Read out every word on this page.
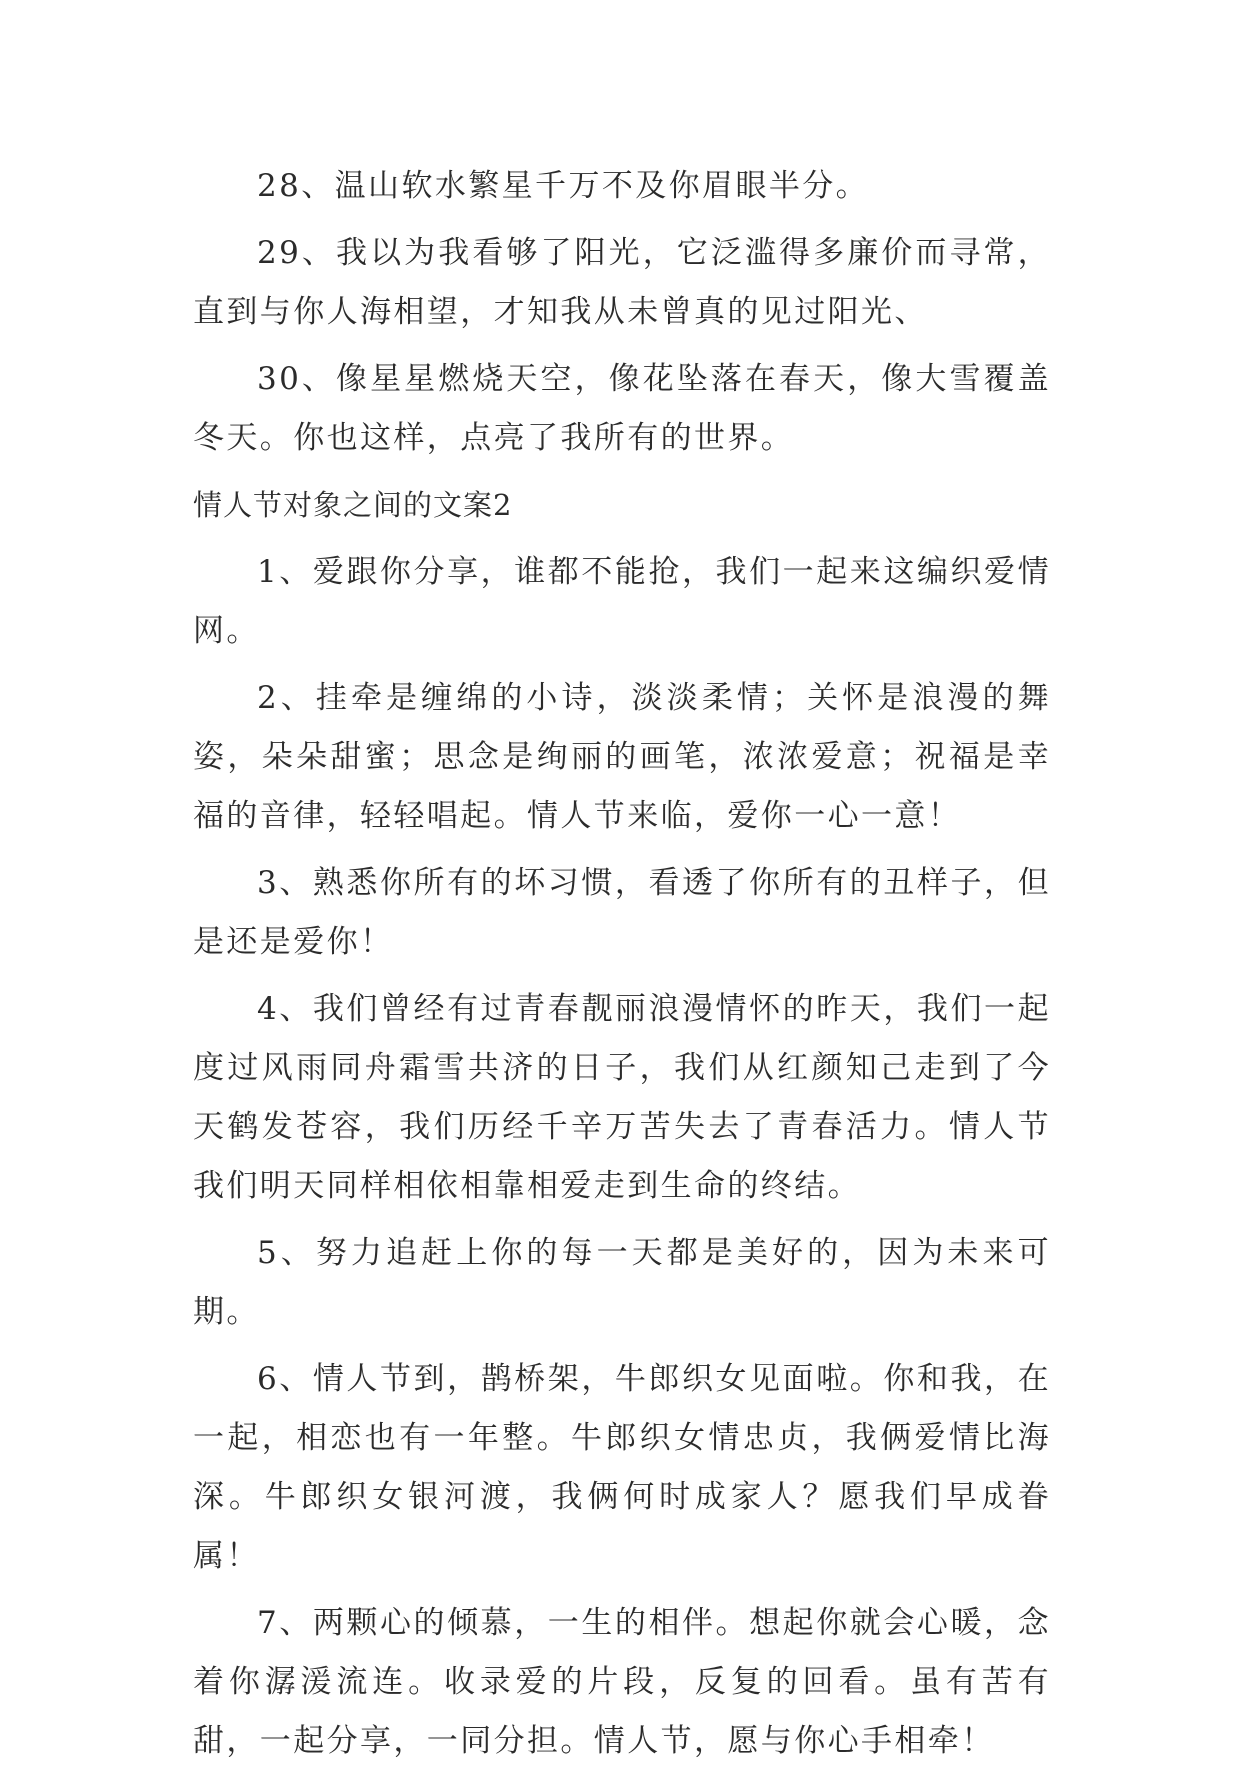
28、温山软水繁星千万不及你眉眼半分。

29、我以为我看够了阳光，它泛滥得多廉价而寻常，直到与你人海相望，才知我从未曾真的见过阳光、

30、像星星燃烧天空，像花坠落在春天，像大雪覆盖冬天。你也这样，点亮了我所有的世界。

情人节对象之间的文案2

1、爱跟你分享，谁都不能抢，我们一起来这编织爱情网。

2、挂牵是缠绵的小诗，淡淡柔情；关怀是浪漫的舞姿，朵朵甜蜜；思念是绚丽的画笔，浓浓爱意；祝福是幸福的音律，轻轻唱起。情人节来临，爱你一心一意！

3、熟悉你所有的坏习惯，看透了你所有的丑样子，但是还是爱你！

4、我们曾经有过青春靓丽浪漫情怀的昨天，我们一起度过风雨同舟霜雪共济的日子，我们从红颜知己走到了今天鹤发苍容，我们历经千辛万苦失去了青春活力。情人节我们明天同样相依相靠相爱走到生命的终结。

5、努力追赶上你的每一天都是美好的，因为未来可期。

6、情人节到，鹊桥架，牛郎织女见面啦。你和我，在一起，相恋也有一年整。牛郎织女情忠贞，我俩爱情比海深。牛郎织女银河渡，我俩何时成家人？愿我们早成眷属！

7、两颗心的倾慕，一生的相伴。想起你就会心暖，念着你潺湲流连。收录爱的片段，反复的回看。虽有苦有甜，一起分享，一同分担。情人节，愿与你心手相牵！
